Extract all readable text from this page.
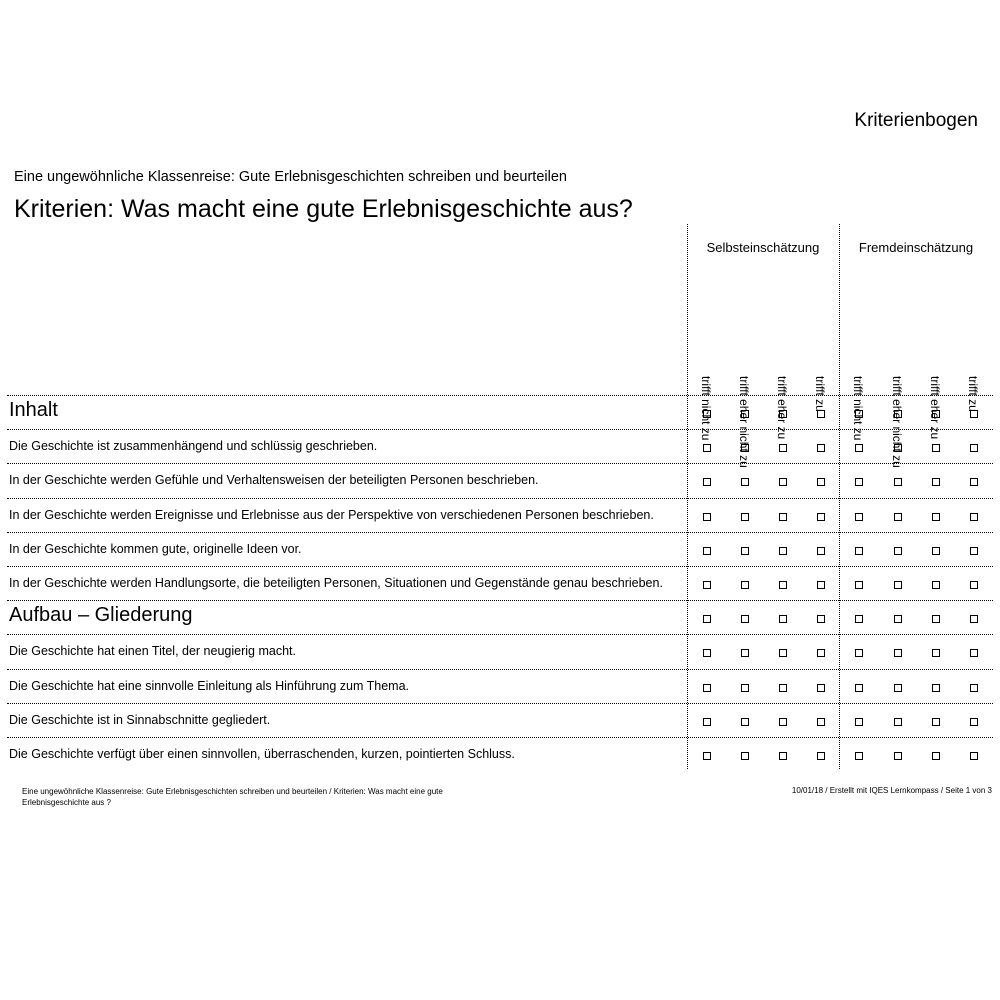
Kriterienbogen
Eine ungewöhnliche Klassenreise: Gute Erlebnisgeschichten schreiben und beurteilen
Kriterien: Was macht eine gute Erlebnisgeschichte aus?
Selbsteinschätzung
trifft nicht zu trifft eher nicht zu trifft eher zu trifft zu
Fremdeinschätzung
trifft nicht zu trifft eher nicht zu trifft eher zu trifft zu
Inhalt
Die Geschichte ist zusammenhängend und schlüssig geschrieben.
In der Geschichte werden Gefühle und Verhaltensweisen der beteiligten Personen beschrieben.
In der Geschichte werden Ereignisse und Erlebnisse aus der Perspektive von verschiedenen Personen beschrieben.
In der Geschichte kommen gute, originelle Ideen vor.
In der Geschichte werden Handlungsorte, die beteiligten Personen, Situationen und Gegenstände genau beschrieben.
Aufbau – Gliederung
Die Geschichte hat einen Titel, der neugierig macht.
Die Geschichte hat eine sinnvolle Einleitung als Hinführung zum Thema.
Die Geschichte ist in Sinnabschnitte gegliedert.
Die Geschichte verfügt über einen sinnvollen, überraschenden, kurzen, pointierten Schluss.
Eine ungewöhnliche Klassenreise: Gute Erlebnisgeschichten schreiben und beurteilen / Kriterien: Was macht eine gute Erlebnisgeschichte aus ?
10/01/18 / Erstellt mit IQES Lernkompass / Seite 1 von 3
